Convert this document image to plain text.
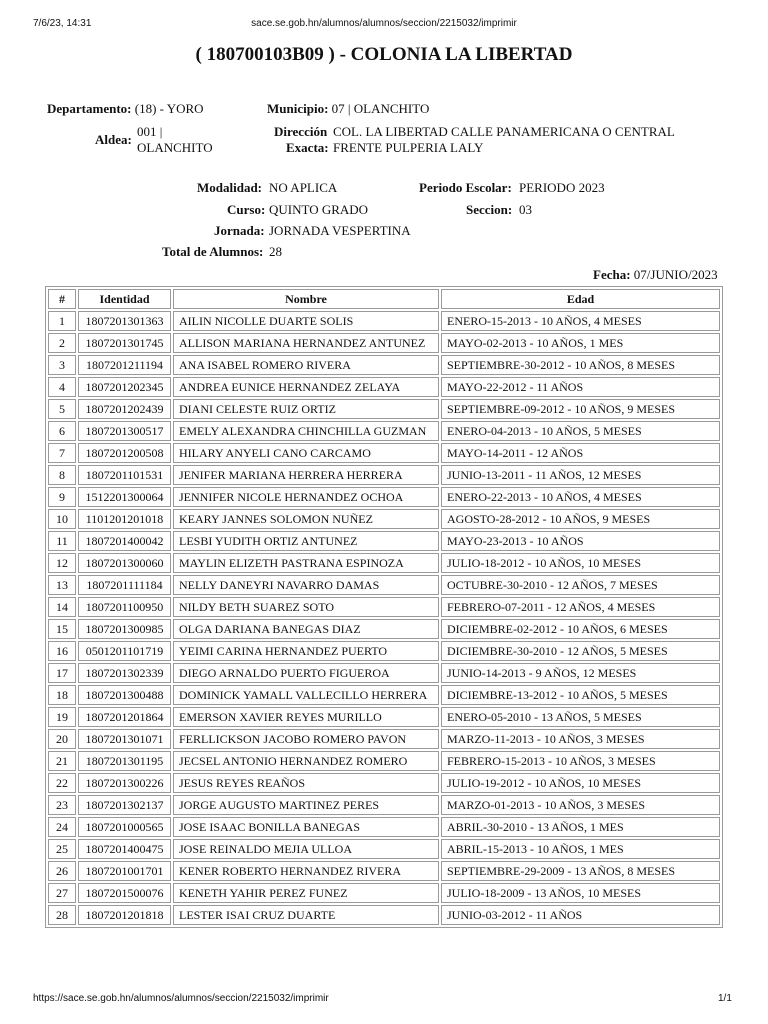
7/6/23, 14:31	sace.se.gob.hn/alumnos/alumnos/seccion/2215032/imprimir
( 180700103B09 ) - COLONIA LA LIBERTAD
Departamento: (18) - YORO	Municipio: 07 | OLANCHITO
Aldea:
001 |
OLANCHITO
Dirección COL. LA LIBERTAD CALLE PANAMERICANA O CENTRAL
Exacta: FRENTE PULPERIA LALY
Modalidad: NO APLICA	Periodo Escolar: PERIODO 2023
Curso: QUINTO GRADO	Seccion: 03
Jornada: JORNADA VESPERTINA
Total de Alumnos: 28
Fecha: 07/JUNIO/2023
#	Identidad	Nombre	Edad
1	1807201301363	AILIN NICOLLE DUARTE SOLIS	ENERO-15-2013 - 10 AÑOS, 4 MESES
2	1807201301745	ALLISON MARIANA HERNANDEZ ANTUNEZ	MAYO-02-2013 - 10 AÑOS, 1 MES
3	1807201211194	ANA ISABEL ROMERO RIVERA	SEPTIEMBRE-30-2012 - 10 AÑOS, 8 MESES
4	1807201202345	ANDREA EUNICE HERNANDEZ ZELAYA	MAYO-22-2012 - 11 AÑOS
5	1807201202439	DIANI CELESTE RUIZ ORTIZ	SEPTIEMBRE-09-2012 - 10 AÑOS, 9 MESES
6	1807201300517	EMELY ALEXANDRA CHINCHILLA GUZMAN	ENERO-04-2013 - 10 AÑOS, 5 MESES
7	1807201200508	HILARY ANYELI CANO CARCAMO	MAYO-14-2011 - 12 AÑOS
8	1807201101531	JENIFER MARIANA HERRERA HERRERA	JUNIO-13-2011 - 11 AÑOS, 12 MESES
9	1512201300064	JENNIFER NICOLE HERNANDEZ OCHOA	ENERO-22-2013 - 10 AÑOS, 4 MESES
10	1101201201018	KEARY JANNES SOLOMON NUÑEZ	AGOSTO-28-2012 - 10 AÑOS, 9 MESES
11	1807201400042	LESBI YUDITH ORTIZ ANTUNEZ	MAYO-23-2013 - 10 AÑOS
12	1807201300060	MAYLIN ELIZETH PASTRANA ESPINOZA	JULIO-18-2012 - 10 AÑOS, 10 MESES
13	1807201111184	NELLY DANEYRI NAVARRO DAMAS	OCTUBRE-30-2010 - 12 AÑOS, 7 MESES
14	1807201100950	NILDY BETH SUAREZ SOTO	FEBRERO-07-2011 - 12 AÑOS, 4 MESES
15	1807201300985	OLGA DARIANA BANEGAS DIAZ	DICIEMBRE-02-2012 - 10 AÑOS, 6 MESES
16	0501201101719	YEIMI CARINA HERNANDEZ PUERTO	DICIEMBRE-30-2010 - 12 AÑOS, 5 MESES
17	1807201302339	DIEGO ARNALDO PUERTO FIGUEROA	JUNIO-14-2013 - 9 AÑOS, 12 MESES
18	1807201300488	DOMINICK YAMALL VALLECILLO HERRERA	DICIEMBRE-13-2012 - 10 AÑOS, 5 MESES
19	1807201201864	EMERSON XAVIER REYES MURILLO	ENERO-05-2010 - 13 AÑOS, 5 MESES
20	1807201301071	FERLLICKSON JACOBO ROMERO PAVON	MARZO-11-2013 - 10 AÑOS, 3 MESES
21	1807201301195	JECSEL ANTONIO HERNANDEZ ROMERO	FEBRERO-15-2013 - 10 AÑOS, 3 MESES
22	1807201300226	JESUS REYES REAÑOS	JULIO-19-2012 - 10 AÑOS, 10 MESES
23	1807201302137	JORGE AUGUSTO MARTINEZ PERES	MARZO-01-2013 - 10 AÑOS, 3 MESES
24	1807201000565	JOSE ISAAC BONILLA BANEGAS	ABRIL-30-2010 - 13 AÑOS, 1 MES
25	1807201400475	JOSE REINALDO MEJIA ULLOA	ABRIL-15-2013 - 10 AÑOS, 1 MES
26	1807201001701	KENER ROBERTO HERNANDEZ RIVERA	SEPTIEMBRE-29-2009 - 13 AÑOS, 8 MESES
27	1807201500076	KENETH YAHIR PEREZ FUNEZ	JULIO-18-2009 - 13 AÑOS, 10 MESES
28	1807201201818	LESTER ISAI CRUZ DUARTE	JUNIO-03-2012 - 11 AÑOS
https://sace.se.gob.hn/alumnos/alumnos/seccion/2215032/imprimir	1/1
